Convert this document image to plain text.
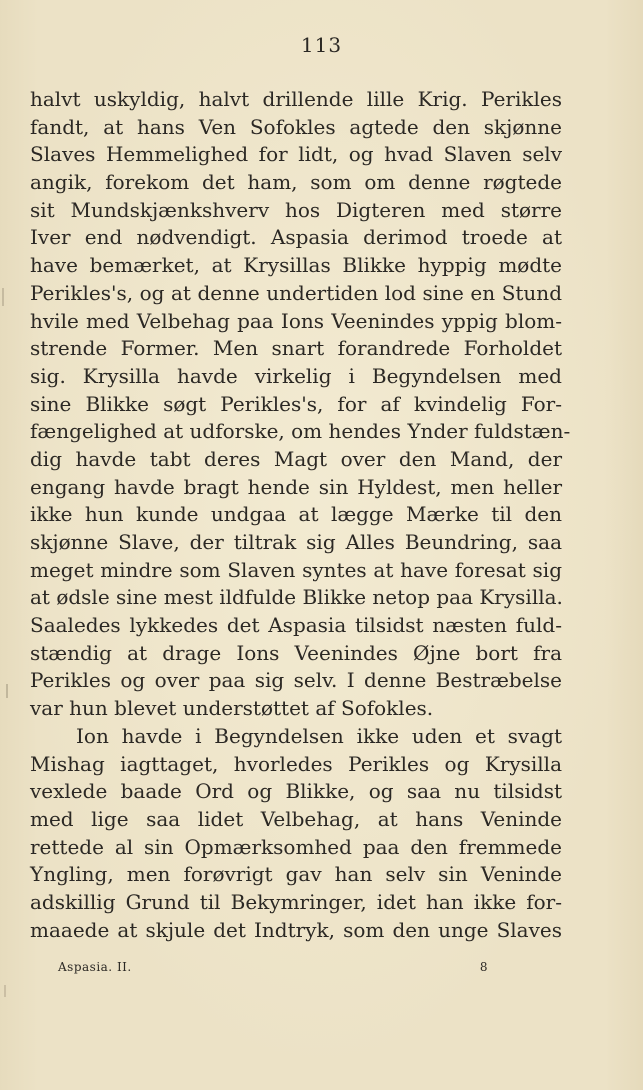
113
halvt uskyldig, halvt drillende lille Krig. Perikles
fandt, at hans Ven Sofokles agtede den skjønne
Slaves Hemmelighed for lidt, og hvad Slaven selv
angik, forekom det ham, som om denne røgtede
sit Mundskjænkshverv hos Digteren med større
Iver end nødvendigt. Aspasia derimod troede at
have bemærket, at Krysillas Blikke hyppig mødte
Perikles's, og at denne undertiden lod sine en Stund
hvile med Velbehag paa Ions Veenindes yppig blom-
strende Former. Men snart forandrede Forholdet
sig. Krysilla havde virkelig i Begyndelsen med
sine Blikke søgt Perikles's, for af kvindelig For-
fængelighed at udforske, om hendes Ynder fuldstæn-
dig havde tabt deres Magt over den Mand, der
engang havde bragt hende sin Hyldest, men heller
ikke hun kunde undgaa at lægge Mærke til den
skjønne Slave, der tiltrak sig Alles Beundring, saa
meget mindre som Slaven syntes at have foresat sig
at ødsle sine mest ildfulde Blikke netop paa Krysilla.
Saaledes lykkedes det Aspasia tilsidst næsten fuld-
stændig at drage Ions Veenindes Øjne bort fra
Perikles og over paa sig selv. I denne Bestræbelse
var hun blevet understøttet af Sofokles.
Ion havde i Begyndelsen ikke uden et svagt
Mishag iagttaget, hvorledes Perikles og Krysilla
vexlede baade Ord og Blikke, og saa nu tilsidst
med lige saa lidet Velbehag, at hans Veninde
rettede al sin Opmærksomhed paa den fremmede
Yngling, men forøvrigt gav han selv sin Veninde
adskillig Grund til Bekymringer, idet han ikke for-
maaede at skjule det Indtryk, som den unge Slaves
Aspasia. II.	8
